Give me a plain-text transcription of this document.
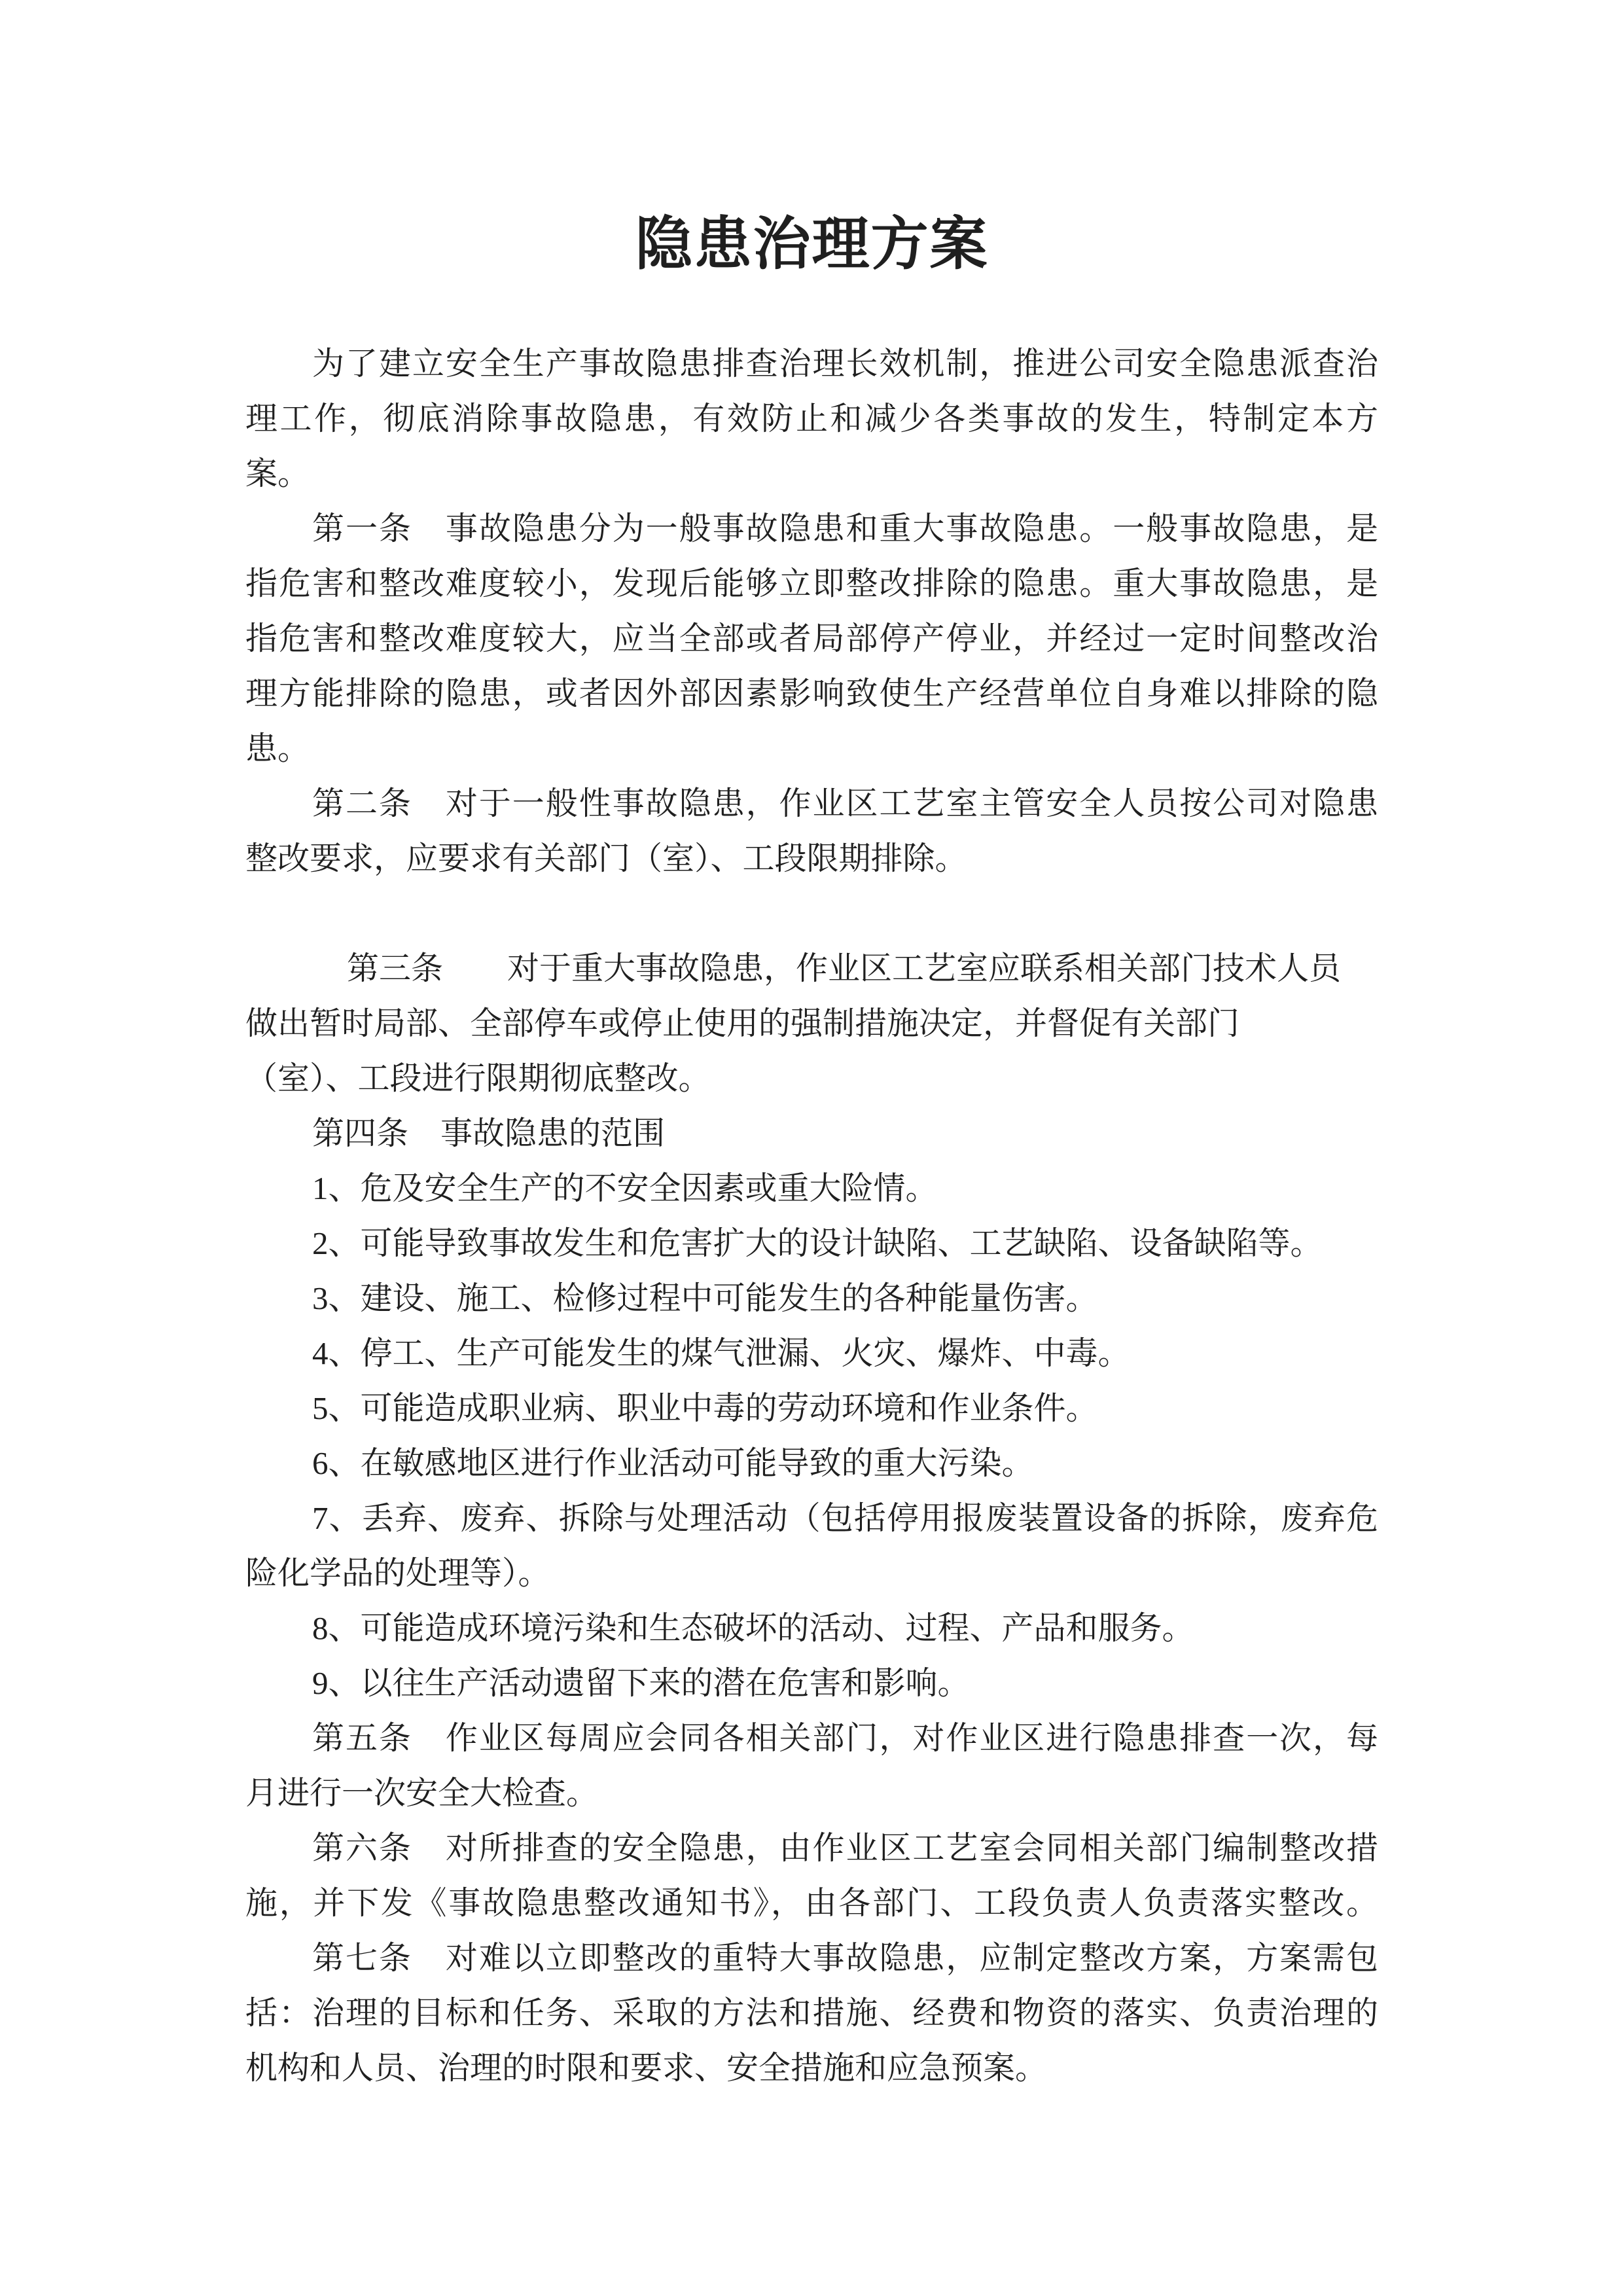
隐患治理方案
为了建立安全生产事故隐患排查治理长效机制，推进公司安全隐患派查治
理工作，彻底消除事故隐患，有效防止和减少各类事故的发生，特制定本方
案。
第一条　事故隐患分为一般事故隐患和重大事故隐患。一般事故隐患，是
指危害和整改难度较小，发现后能够立即整改排除的隐患。重大事故隐患，是
指危害和整改难度较大，应当全部或者局部停产停业，并经过一定时间整改治
理方能排除的隐患，或者因外部因素影响致使生产经营单位自身难以排除的隐
患。
第二条　对于一般性事故隐患，作业区工艺室主管安全人员按公司对隐患
整改要求，应要求有关部门（室）、工段限期排除。
第三条　　对于重大事故隐患，作业区工艺室应联系相关部门技术人员
做出暂时局部、全部停车或停止使用的强制措施决定，并督促有关部门
（室）、工段进行限期彻底整改。
第四条　事故隐患的范围
1、危及安全生产的不安全因素或重大险情。
2、可能导致事故发生和危害扩大的设计缺陷、工艺缺陷、设备缺陷等。
3、建设、施工、检修过程中可能发生的各种能量伤害。
4、停工、生产可能发生的煤气泄漏、火灾、爆炸、中毒。
5、可能造成职业病、职业中毒的劳动环境和作业条件。
6、在敏感地区进行作业活动可能导致的重大污染。
7、丢弃、废弃、拆除与处理活动（包括停用报废装置设备的拆除，废弃危
险化学品的处理等）。
8、可能造成环境污染和生态破坏的活动、过程、产品和服务。
9、以往生产活动遗留下来的潜在危害和影响。
第五条　作业区每周应会同各相关部门，对作业区进行隐患排查一次，每
月进行一次安全大检查。
第六条　对所排查的安全隐患，由作业区工艺室会同相关部门编制整改措
施，并下发《事故隐患整改通知书》，由各部门、工段负责人负责落实整改。
第七条　对难以立即整改的重特大事故隐患，应制定整改方案，方案需包
括：治理的目标和任务、采取的方法和措施、经费和物资的落实、负责治理的
机构和人员、治理的时限和要求、安全措施和应急预案。
